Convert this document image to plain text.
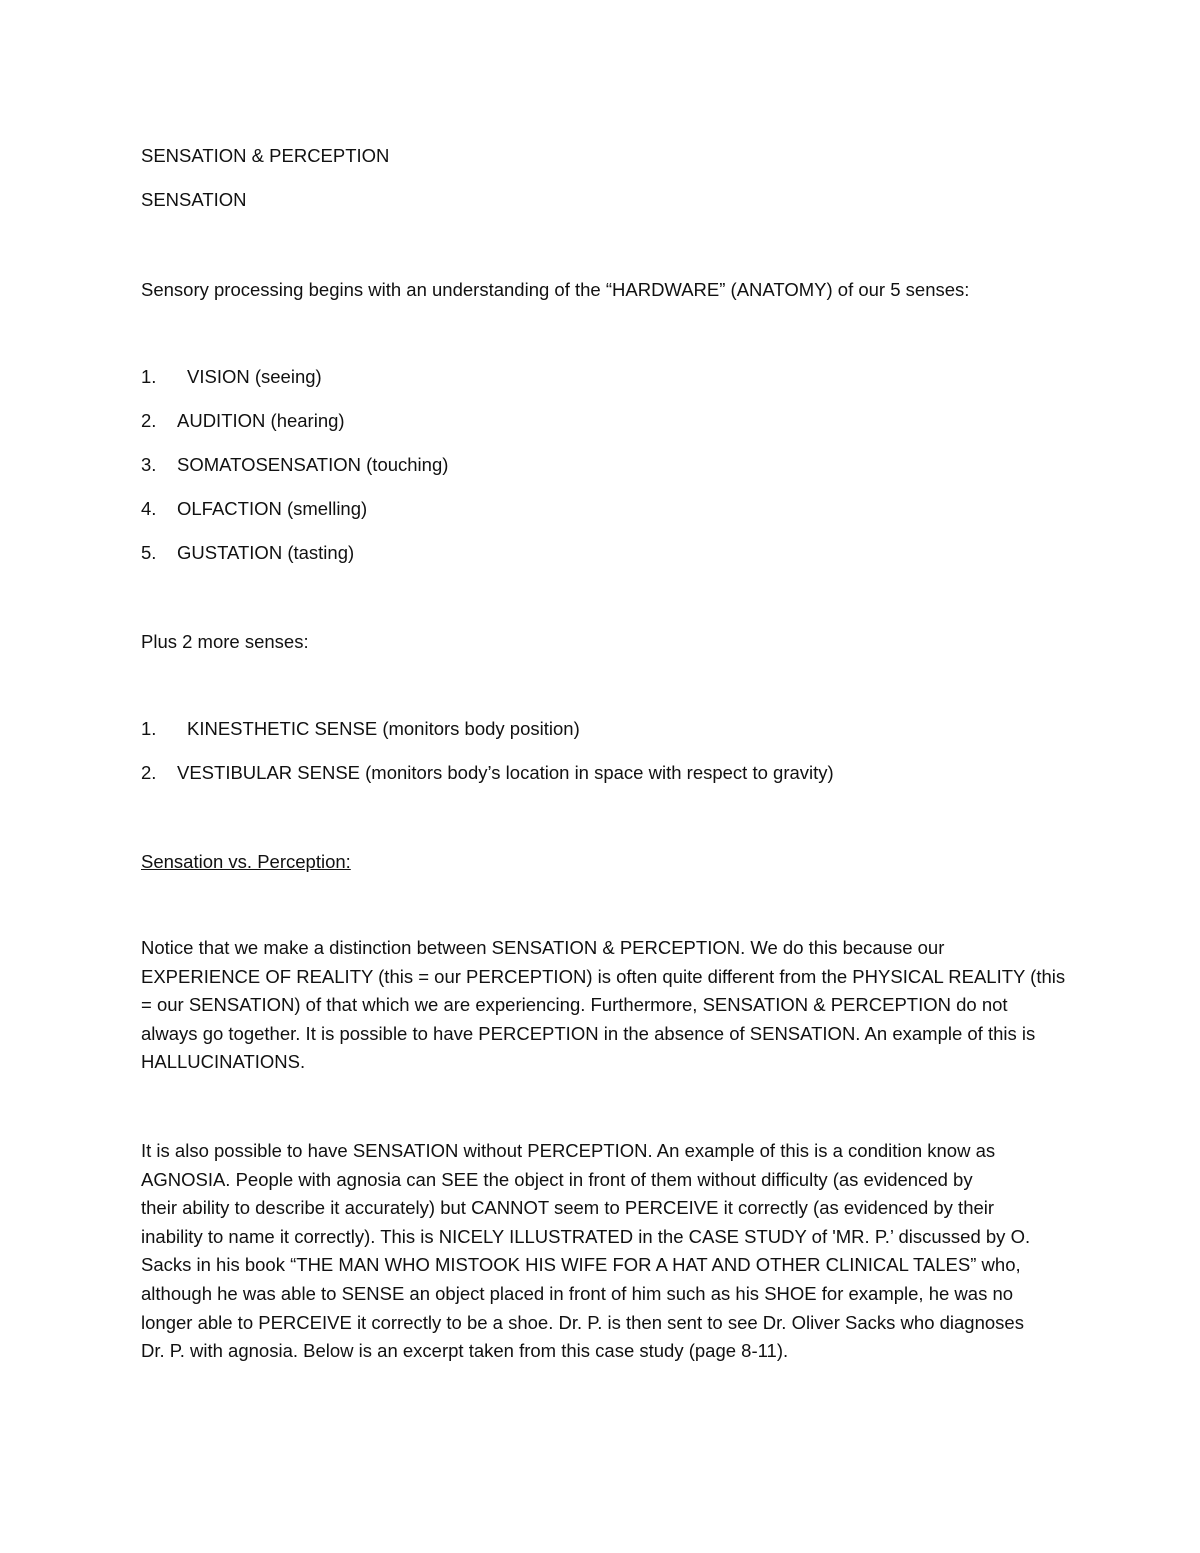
SENSATION & PERCEPTION
SENSATION
Sensory processing begins with an understanding of the “HARDWARE” (ANATOMY) of our 5 senses:
1. VISION (seeing)
2. AUDITION (hearing)
3. SOMATOSENSATION (touching)
4. OLFACTION (smelling)
5. GUSTATION (tasting)
Plus 2 more senses:
1. KINESTHETIC SENSE (monitors body position)
2. VESTIBULAR SENSE (monitors body’s location in space with respect to gravity)
Sensation vs. Perception:
Notice that we make a distinction between SENSATION & PERCEPTION. We do this because our
EXPERIENCE OF REALITY (this = our PERCEPTION) is often quite different from the PHYSICAL REALITY (this
= our SENSATION) of that which we are experiencing. Furthermore, SENSATION & PERCEPTION do not
always go together. It is possible to have PERCEPTION in the absence of SENSATION. An example of this is
HALLUCINATIONS.
It is also possible to have SENSATION without PERCEPTION. An example of this is a condition know as
AGNOSIA. People with agnosia can SEE the object in front of them without difficulty (as evidenced by
their ability to describe it accurately) but CANNOT seem to PERCEIVE it correctly (as evidenced by their
inability to name it correctly). This is NICELY ILLUSTRATED in the CASE STUDY of 'MR. P.’ discussed by O.
Sacks in his book “THE MAN WHO MISTOOK HIS WIFE FOR A HAT AND OTHER CLINICAL TALES” who,
although he was able to SENSE an object placed in front of him such as his SHOE for example, he was no
longer able to PERCEIVE it correctly to be a shoe. Dr. P. is then sent to see Dr. Oliver Sacks who diagnoses
Dr. P. with agnosia. Below is an excerpt taken from this case study (page 8-11).
